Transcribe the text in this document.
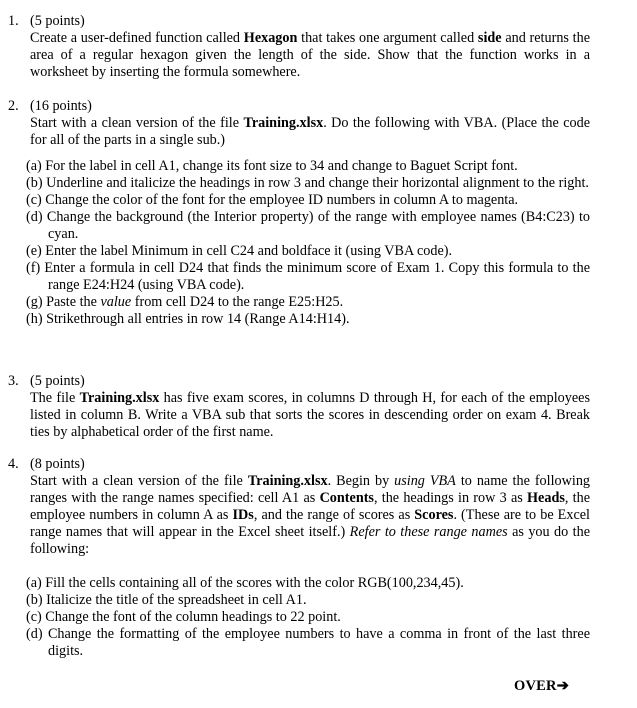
1. (5 points)

Create a user-defined function called Hexagon that takes one argument called side and returns the area of a regular hexagon given the length of the side. Show that the function works in a worksheet by inserting the formula somewhere.

2. (16 points)

Start with a clean version of the file Training.xlsx. Do the following with VBA. (Place the code for all of the parts in a single sub.)

(a) For the label in cell A1, change its font size to 34 and change to Baguet Script font.

(b) Underline and italicize the headings in row 3 and change their horizontal alignment to the right.

(c) Change the color of the font for the employee ID numbers in column A to magenta.

(d) Change the background (the Interior property) of the range with employee names (B4:C23) to cyan.

(e) Enter the label Minimum in cell C24 and boldface it (using VBA code).

(f) Enter a formula in cell D24 that finds the minimum score of Exam 1. Copy this formula to the range E24:H24 (using VBA code).

(g) Paste the value from cell D24 to the range E25:H25.

(h) Strikethrough all entries in row 14 (Range A14:H14).

3. (5 points)

The file Training.xlsx has five exam scores, in columns D through H, for each of the employees listed in column B. Write a VBA sub that sorts the scores in descending order on exam 4. Break ties by alphabetical order of the first name.

4. (8 points)

Start with a clean version of the file Training.xlsx. Begin by using VBA to name the following ranges with the range names specified: cell A1 as Contents, the headings in row 3 as Heads, the employee numbers in column A as IDs, and the range of scores as Scores. (These are to be Excel range names that will appear in the Excel sheet itself.) Refer to these range names as you do the following:

(a) Fill the cells containing all of the scores with the color RGB(100,234,45).

(b) Italicize the title of the spreadsheet in cell A1.

(c) Change the font of the column headings to 22 point.

(d) Change the formatting of the employee numbers to have a comma in front of the last three digits.

OVER➔
